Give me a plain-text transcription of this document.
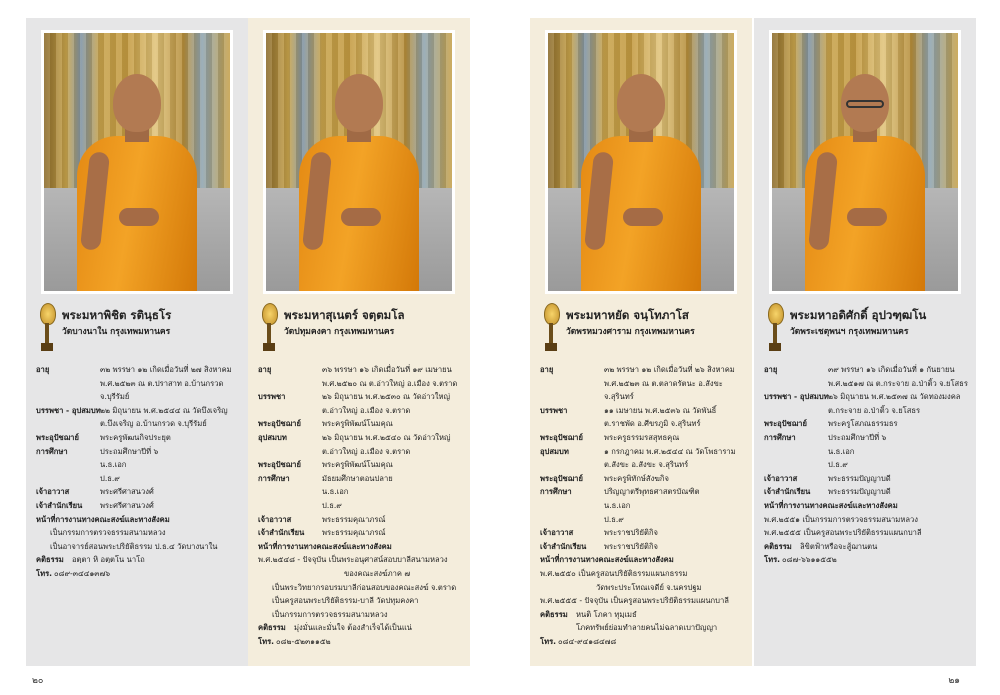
พระมหาพิชิต รตินฺธโร
วัดบางนาใน กรุงเทพมหานคร
อายุ	๓๒ พรรษา ๑๒ เกิดเมื่อวันที่ ๒๗ สิงหาคม
พ.ศ.๒๕๒๓ ณ ต.ปราสาท อ.บ้านกรวด
จ.บุรีรัมย์
บรรพชา - อุปสมบท ๒๒ มิถุนายน พ.ศ.๒๕๔๔ ณ วัดบึงเจริญ
ต.บึงเจริญ อ.บ้านกรวด จ.บุรีรัมย์
พระอุปัชฌาย์	พระครูพัฒนกิจประยุต
การศึกษา	ประถมศึกษาปีที่ ๖
น.ธ.เอก
ป.ธ.๙
เจ้าอาวาส	พระศรีศาสนวงศ์
เจ้าสำนักเรียน	พระศรีศาสนวงศ์
หน้าที่การงานทางคณะสงฆ์และทางสังคม
เป็นกรรมการตรวจธรรมสนามหลวง
เป็นอาจารย์สอนพระปริยัติธรรม ป.ธ.๔ วัดบางนาใน
คติธรรม	อตฺตา หิ อตฺตโน นาโถ
โทร. ๐๘๙-๓๔๔๑๓๗๖
พระมหาสุเนตร์ จตฺตมโล
วัดปทุมคงคา กรุงเทพมหานคร
อายุ	๓๖ พรรษา ๑๖ เกิดเมื่อวันที่ ๑๙ เมษายน
พ.ศ.๒๕๒๐ ณ ต.อ่าวใหญ่ อ.เมือง จ.ตราด
บรรพชา	๒๖ มิถุนายน พ.ศ.๒๕๓๐ ณ วัดอ่าวใหญ่
ต.อ่าวใหญ่ อ.เมือง จ.ตราด
พระอุปัชฌาย์	พระครูพิพัฒน์โนมคุณ
อุปสมบท	๒๖ มิถุนายน พ.ศ.๒๕๔๐ ณ วัดอ่าวใหญ่
ต.อ่าวใหญ่ อ.เมือง จ.ตราด
พระอุปัชฌาย์	พระครูพิพัฒน์โนมคุณ
การศึกษา	มัธยมศึกษาตอนปลาย
น.ธ.เอก
ป.ธ.๙
เจ้าอาวาส	พระธรรมคุณาภรณ์
เจ้าสำนักเรียน	พระธรรมคุณาภรณ์
หน้าที่การงานทางคณะสงฆ์และทางสังคม
พ.ศ.๒๕๔๘ - ปัจจุบัน เป็นพระอนุศาสน์สอบบาลีสนามหลวง
ของคณะสงฆ์ภาค ๗
เป็นพระวิทยากรอบรมบาลีก่อนสอบของคณะสงฆ์ จ.ตราด
เป็นครูสอนพระปริยัติธรรม-บาลี วัดปทุมคงคา
เป็นกรรมการตรวจธรรมสนามหลวง
คติธรรม	มุ่งมั่นและมั่นใจ ต้องสำเร็จได้เป็นแน่
โทร. ๐๘๒-๕๒๓๑๑๕๒
พระมหาหยัด จนฺโทภาโส
วัดพรหมวงศาราม กรุงเทพมหานคร
อายุ	๓๒ พรรษา ๑๒ เกิดเมื่อวันที่ ๒๖ สิงหาคม
พ.ศ.๒๕๒๓ ณ ต.ตลาดรัตนะ อ.สังขะ จ.สุรินทร์
บรรพชา	๑๑ เมษายน พ.ศ.๒๕๓๖ ณ วัดพันธิ์
ต.ราชพัด อ.ศีขรภูมิ จ.สุรินทร์
พระอุปัชฌาย์	พระครูธรรมรสสุทธคุณ
อุปสมบท	๑ กรกฎาคม พ.ศ.๒๕๔๔ ณ วัดโพธาราม
ต.สังขะ อ.สังขะ จ.สุรินทร์
พระอุปัชฌาย์	พระครูพิทักษ์สังฆกิจ
การศึกษา	ปริญญาตรีพุทธศาสตรบัณฑิต
น.ธ.เอก
ป.ธ.๙
เจ้าอาวาส	พระราชปริยัติกิจ
เจ้าสำนักเรียน	พระราชปริยัติกิจ
หน้าที่การงานทางคณะสงฆ์และทางสังคม
พ.ศ.๒๕๕๐ เป็นครูสอนปริยัติธรรมแผนกธรรม
วัดพระประโทณเจดีย์ จ.นครปฐม
พ.ศ.๒๕๕๕ - ปัจจุบัน เป็นครูสอนพระปริยัติธรรมแผนกบาลี
คติธรรม	หนติ โภคา ทุมฺเมธํ
โภคทรัพย์ย่อมทำลายคนไม่ฉลาดเบาปัญญา
โทร. ๐๘๔-๙๔๑๘๔๗๘
พระมหาอดิศักดิ์ อุปวฑฺฒโน
วัดพระเชตุพนฯ กรุงเทพมหานคร
อายุ	๓๙ พรรษา ๑๖ เกิดเมื่อวันที่ ๑ กันยายน
พ.ศ.๒๕๑๗ ณ ต.กระจาย อ.ป่าติ้ว จ.ยโสธร
บรรพชา - อุปสมบท ๒๖ มิถุนายน พ.ศ.๒๕๓๗ ณ วัดทองมงคล
ต.กระจาย อ.ป่าติ้ว จ.ยโสธร
พระอุปัชฌาย์	พระครูโสภณธรรมธร
การศึกษา	ประถมศึกษาปีที่ ๖
น.ธ.เอก
ป.ธ.๙
เจ้าอาวาส	พระธรรมปัญญาบดี
เจ้าสำนักเรียน	พระธรรมปัญญาบดี
หน้าที่การงานทางคณะสงฆ์และทางสังคม
พ.ศ.๒๕๕๑ เป็นกรรมการตรวจธรรมสนามหลวง
พ.ศ.๒๕๕๕ เป็นครูสอนพระปริยัติธรรมแผนกบาลี
คติธรรม	ลิขิตฟ้าหรือจะสู้ฌานตน
โทร. ๐๘๗-๖๖๑๑๕๕๒
๒๐	๒๑
